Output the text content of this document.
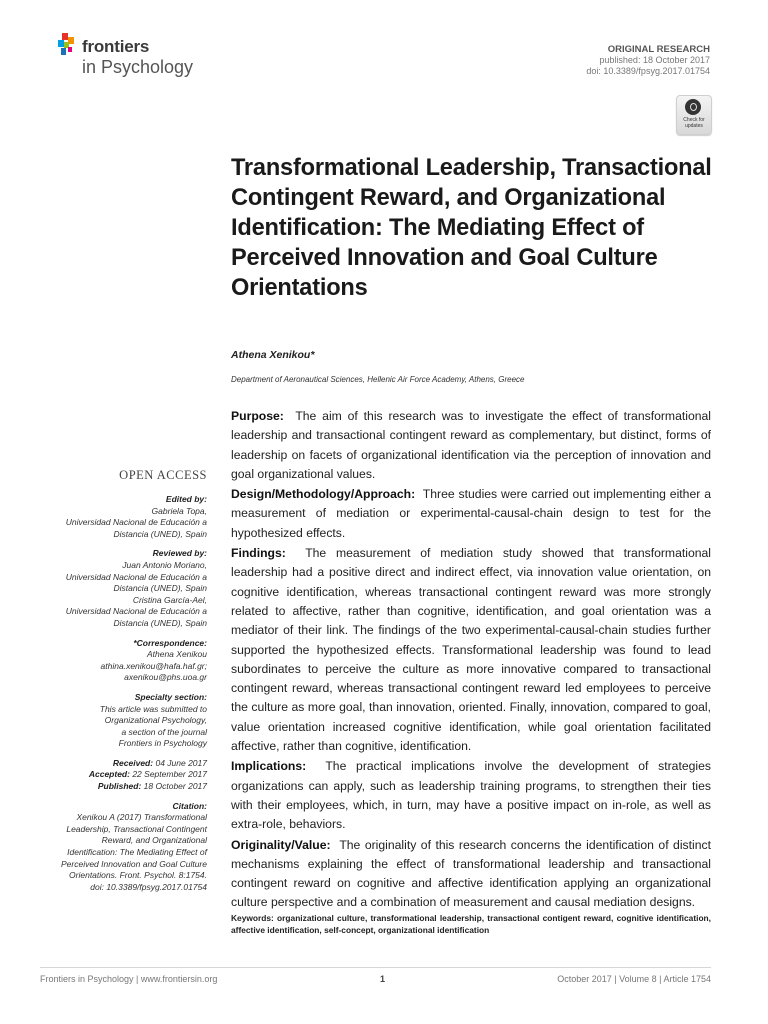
frontiers
in Psychology
ORIGINAL RESEARCH
published: 18 October 2017
doi: 10.3389/fpsyg.2017.01754
Check for
updates
Transformational Leadership, Transactional Contingent Reward, and Organizational Identification: The Mediating Effect of Perceived Innovation and Goal Culture Orientations
Athena Xenikou*
Department of Aeronautical Sciences, Hellenic Air Force Academy, Athens, Greece
OPEN ACCESS
Edited by:
Gabriela Topa,
Universidad Nacional de Educación a
Distancia (UNED), Spain
Reviewed by:
Juan Antonio Moriano,
Universidad Nacional de Educación a
Distancia (UNED), Spain
Cristina García-Ael,
Universidad Nacional de Educación a
Distancia (UNED), Spain
*Correspondence:
Athena Xenikou
athina.xenikou@hafa.haf.gr;
axenikou@phs.uoa.gr
Specialty section:
This article was submitted to
Organizational Psychology,
a section of the journal
Frontiers in Psychology
Received: 04 June 2017
Accepted: 22 September 2017
Published: 18 October 2017
Citation:
Xenikou A (2017) Transformational
Leadership, Transactional Contingent
Reward, and Organizational
Identification: The Mediating Effect of
Perceived Innovation and Goal Culture
Orientations. Front. Psychol. 8:1754.
doi: 10.3389/fpsyg.2017.01754

Purpose: The aim of this research was to investigate the effect of transformational leadership and transactional contingent reward as complementary, but distinct, forms of leadership on facets of organizational identification via the perception of innovation and goal organizational values.

Design/Methodology/Approach: Three studies were carried out implementing either a measurement of mediation or experimental-causal-chain design to test for the hypothesized effects.

Findings: The measurement of mediation study showed that transformational leadership had a positive direct and indirect effect, via innovation value orientation, on cognitive identification, whereas transactional contingent reward was more strongly related to affective, rather than cognitive, identification, and goal orientation was a mediator of their link. The findings of the two experimental-causal-chain studies further supported the hypothesized effects. Transformational leadership was found to lead subordinates to perceive the culture as more innovative compared to transactional contingent reward, whereas transactional contingent reward led employees to perceive the culture as more goal, than innovation, oriented. Finally, innovation, compared to goal, value orientation increased cognitive identification, while goal orientation facilitated affective, rather than cognitive, identification.

Implications: The practical implications involve the development of strategies organizations can apply, such as leadership training programs, to strengthen their ties with their employees, which, in turn, may have a positive impact on in-role, as well as extra-role, behaviors.

Originality/Value: The originality of this research concerns the identification of distinct mechanisms explaining the effect of transformational leadership and transactional contingent reward on cognitive and affective identification applying an organizational culture perspective and a combination of measurement and causal mediation designs.

Keywords: organizational culture, transformational leadership, transactional contigent reward, cognitive identification, affective identification, self-concept, organizational identification
Frontiers in Psychology | www.frontiersin.org	1	October 2017 | Volume 8 | Article 1754
